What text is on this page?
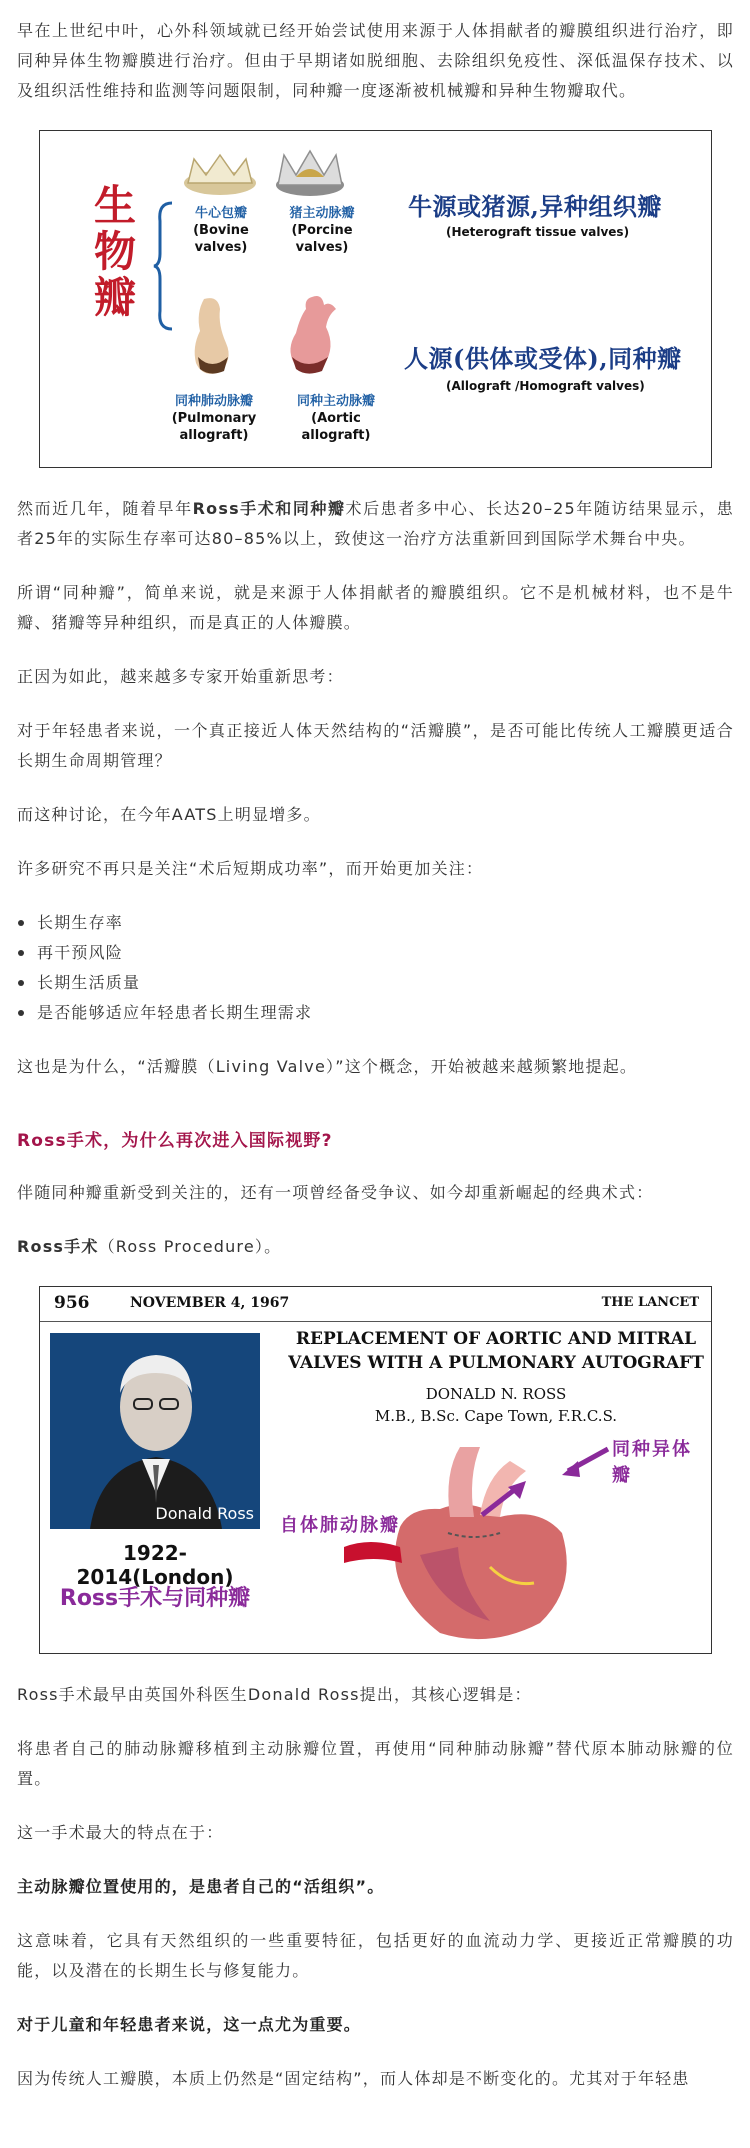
早在上世纪中叶，心外科领域就已经开始尝试使用来源于人体捐献者的瓣膜组织进行治疗，即同种异体生物瓣膜进行治疗。但由于早期诸如脱细胞、去除组织免疫性、深低温保存技术、以及组织活性维持和监测等问题限制，同种瓣一度逐渐被机械瓣和异种生物瓣取代。

生
物
瓣
牛心包瓣
(Bovine valves)
猪主动脉瓣
(Porcine valves)
同种肺动脉瓣
(Pulmonary allograft)
同种主动脉瓣
(Aortic allograft)
牛源或猪源,异种组织瓣
(Heterograft tissue valves)
人源(供体或受体),同种瓣
(Allograft /Homograft valves)

然而近几年，随着早年Ross手术和同种瓣术后患者多中心、长达20–25年随访结果显示，患者25年的实际生存率可达80–85%以上，致使这一治疗方法重新回到国际学术舞台中央。

所谓“同种瓣”，简单来说，就是来源于人体捐献者的瓣膜组织。它不是机械材料，也不是牛瓣、猪瓣等异种组织，而是真正的人体瓣膜。

正因为如此，越来越多专家开始重新思考：

对于年轻患者来说，一个真正接近人体天然结构的“活瓣膜”，是否可能比传统人工瓣膜更适合长期生命周期管理？

而这种讨论，在今年AATS上明显增多。

许多研究不再只是关注“术后短期成功率”，而开始更加关注：

长期生存率
再干预风险
长期生活质量
是否能够适应年轻患者长期生理需求

这也是为什么，“活瓣膜（Living Valve）”这个概念，开始被越来越频繁地提起。

Ross手术，为什么再次进入国际视野?

伴随同种瓣重新受到关注的，还有一项曾经备受争议、如今却重新崛起的经典术式：

Ross手术（Ross Procedure）。

956	NOVEMBER 4, 1967	THE LANCET
Donald Ross
1922-2014(London)
Ross手术与同种瓣
REPLACEMENT OF AORTIC AND MITRAL
VALVES WITH A PULMONARY AUTOGRAFT
DONALD N. ROSS
M.B., B.Sc. Cape Town, F.R.C.S.
同种异体瓣
自体肺动脉瓣

Ross手术最早由英国外科医生Donald Ross提出，其核心逻辑是：

将患者自己的肺动脉瓣移植到主动脉瓣位置，再使用“同种肺动脉瓣”替代原本肺动脉瓣的位置。

这一手术最大的特点在于：

主动脉瓣位置使用的，是患者自己的“活组织”。

这意味着，它具有天然组织的一些重要特征，包括更好的血流动力学、更接近正常瓣膜的功能，以及潜在的长期生长与修复能力。

对于儿童和年轻患者来说，这一点尤为重要。

因为传统人工瓣膜，本质上仍然是“固定结构”，而人体却是不断变化的。尤其对于年轻患
